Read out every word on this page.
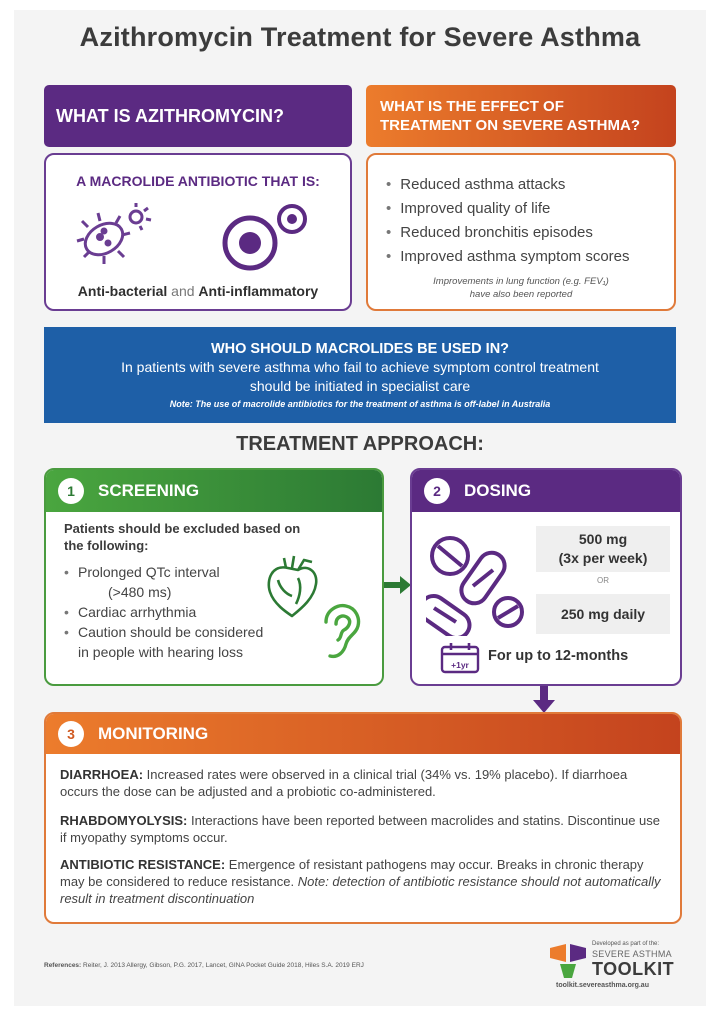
Azithromycin Treatment for Severe Asthma
WHAT IS AZITHROMYCIN?
A MACROLIDE ANTIBIOTIC THAT IS:
Anti-bacterial and Anti-inflammatory
WHAT IS THE EFFECT OF
TREATMENT ON SEVERE ASTHMA?
• Reduced asthma attacks
• Improved quality of life
• Reduced bronchitis episodes
• Improved asthma symptom scores
Improvements in lung function (e.g. FEV₁)
have also been reported
WHO SHOULD MACROLIDES BE USED IN?
In patients with severe asthma who fail to achieve symptom control treatment
should be initiated in specialist care
Note: The use of macrolide antibiotics for the treatment of asthma is off-label in Australia
TREATMENT APPROACH:
1	SCREENING
Patients should be excluded based on
the following:
• Prolonged QTc interval
(>480 ms)
• Cardiac arrhythmia
• Caution should be considered
in people with hearing loss
2	DOSING
500 mg
(3x per week)
OR
250 mg daily
+1yr
For up to 12-months
3	MONITORING
DIARRHOEA: Increased rates were observed in a clinical trial (34% vs. 19% placebo). If diarrhoea occurs the dose can be adjusted and a probiotic co-administered.
RHABDOMYOLYSIS: Interactions have been reported between macrolides and statins. Discontinue use if myopathy symptoms occur.
ANTIBIOTIC RESISTANCE: Emergence of resistant pathogens may occur. Breaks in chronic therapy may be considered to reduce resistance. Note: detection of antibiotic resistance should not automatically result in treatment discontinuation
References: Reiter, J. 2013 Allergy, Gibson, P.G. 2017, Lancet, GINA Pocket Guide 2018, Hiles S.A. 2019 ERJ
Developed as part of the:
SEVERE ASTHMA
TOOLKIT
toolkit.severeasthma.org.au
